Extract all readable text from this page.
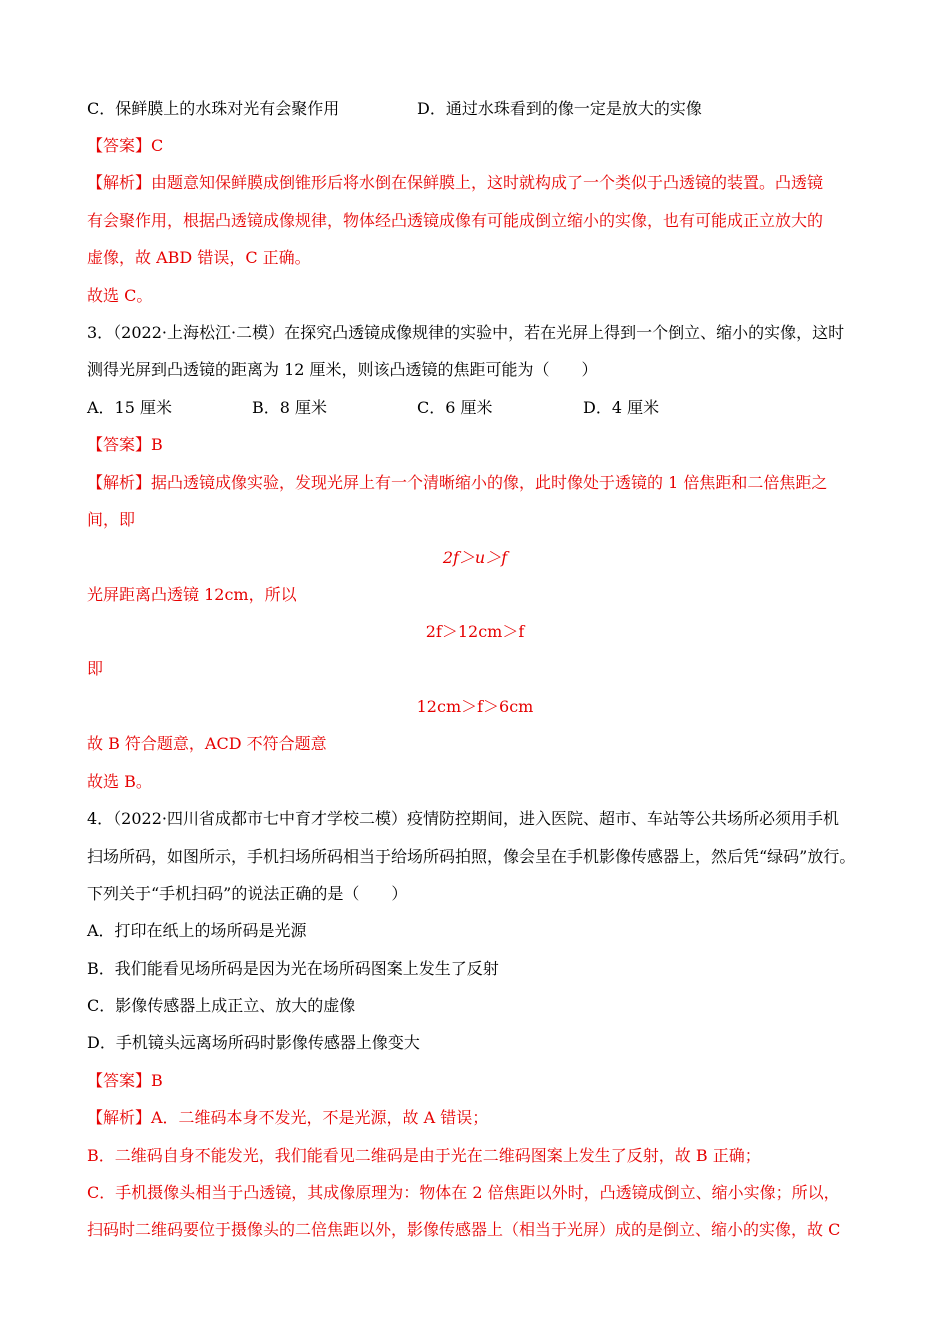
C．保鲜膜上的水珠对光有会聚作用	D．通过水珠看到的像一定是放大的实像
【答案】C
【解析】由题意知保鲜膜成倒锥形后将水倒在保鲜膜上，这时就构成了一个类似于凸透镜的装置。凸透镜
有会聚作用，根据凸透镜成像规律，物体经凸透镜成像有可能成倒立缩小的实像，也有可能成正立放大的
虚像，故 ABD 错误，C 正确。
故选 C。
3．（2022·上海松江·二模）在探究凸透镜成像规律的实验中，若在光屏上得到一个倒立、缩小的实像，这时
测得光屏到凸透镜的距离为 12 厘米，则该凸透镜的焦距可能为（　　）
A．15 厘米	B．8 厘米	C．6 厘米	D．4 厘米
【答案】B
【解析】据凸透镜成像实验，发现光屏上有一个清晰缩小的像，此时像处于透镜的 1 倍焦距和二倍焦距之
间，即
2f＞u＞f
光屏距离凸透镜 12cm，所以
2f＞12cm＞f
即
12cm＞f＞6cm
故 B 符合题意，ACD 不符合题意
故选 B。
4．（2022·四川省成都市七中育才学校二模）疫情防控期间，进入医院、超市、车站等公共场所必须用手机
扫场所码，如图所示，手机扫场所码相当于给场所码拍照，像会呈在手机影像传感器上，然后凭“绿码”放行。
下列关于“手机扫码”的说法正确的是（　　）
A．打印在纸上的场所码是光源
B．我们能看见场所码是因为光在场所码图案上发生了反射
C．影像传感器上成正立、放大的虚像
D．手机镜头远离场所码时影像传感器上像变大
【答案】B
【解析】A．二维码本身不发光，不是光源，故 A 错误；
B．二维码自身不能发光，我们能看见二维码是由于光在二维码图案上发生了反射，故 B 正确；
C．手机摄像头相当于凸透镜，其成像原理为：物体在 2 倍焦距以外时，凸透镜成倒立、缩小实像；所以，
扫码时二维码要位于摄像头的二倍焦距以外，影像传感器上（相当于光屏）成的是倒立、缩小的实像，故 C
